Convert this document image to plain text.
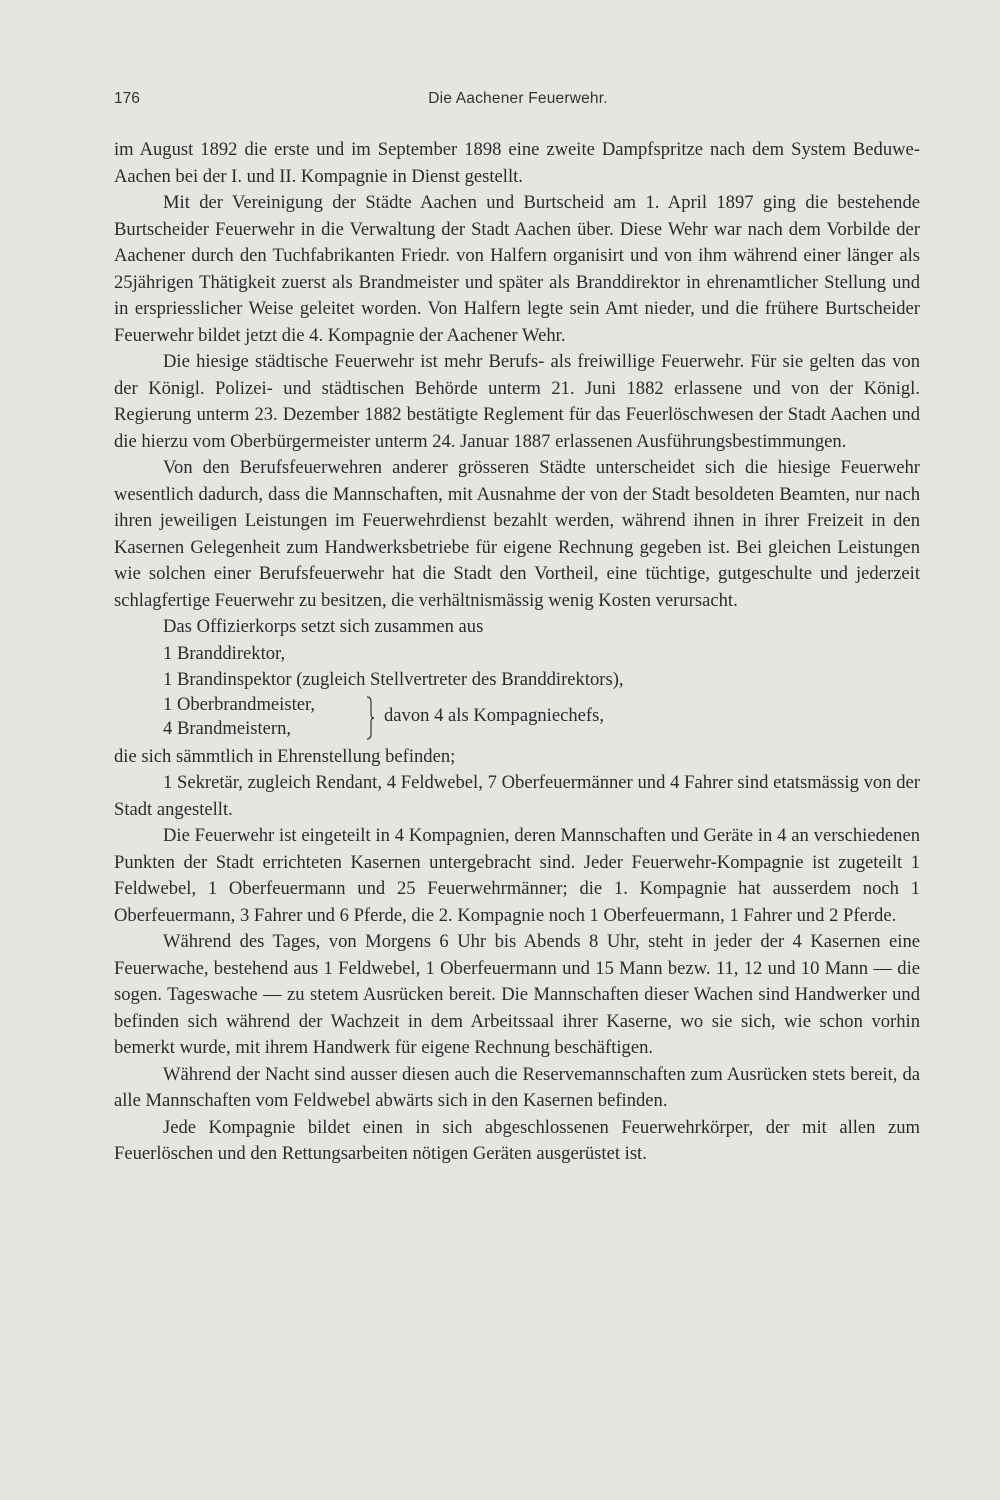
176	Die Aachener Feuerwehr.

im August 1892 die erste und im September 1898 eine zweite Dampfspritze nach dem System Beduwe-Aachen bei der I. und II. Kompagnie in Dienst gestellt.

Mit der Vereinigung der Städte Aachen und Burtscheid am 1. April 1897 ging die bestehende Burtscheider Feuerwehr in die Verwaltung der Stadt Aachen über. Diese Wehr war nach dem Vorbilde der Aachener durch den Tuchfabrikanten Friedr. von Halfern organisirt und von ihm während einer länger als 25jährigen Thätigkeit zuerst als Brandmeister und später als Branddirektor in ehrenamtlicher Stellung und in erspriesslicher Weise geleitet worden. Von Halfern legte sein Amt nieder, und die frühere Burtscheider Feuerwehr bildet jetzt die 4. Kompagnie der Aachener Wehr.

Die hiesige städtische Feuerwehr ist mehr Berufs- als freiwillige Feuerwehr. Für sie gelten das von der Königl. Polizei- und städtischen Behörde unterm 21. Juni 1882 erlassene und von der Königl. Regierung unterm 23. Dezember 1882 bestätigte Reglement für das Feuerlöschwesen der Stadt Aachen und die hierzu vom Oberbürgermeister unterm 24. Januar 1887 erlassenen Ausführungsbestimmungen.

Von den Berufsfeuerwehren anderer grösseren Städte unterscheidet sich die hiesige Feuerwehr wesentlich dadurch, dass die Mannschaften, mit Ausnahme der von der Stadt besoldeten Beamten, nur nach ihren jeweiligen Leistungen im Feuerwehrdienst bezahlt werden, während ihnen in ihrer Freizeit in den Kasernen Gelegenheit zum Handwerksbetriebe für eigene Rechnung gegeben ist. Bei gleichen Leistungen wie solchen einer Berufsfeuerwehr hat die Stadt den Vortheil, eine tüchtige, gutgeschulte und jederzeit schlagfertige Feuerwehr zu besitzen, die verhältnismässig wenig Kosten verursacht.

Das Offizierkorps setzt sich zusammen aus

1 Branddirektor,

1 Brandinspektor (zugleich Stellvertreter des Branddirektors),

1 Oberbrandmeister,
4 Brandmeistern,
davon 4 als Kompagniechefs,

die sich sämmtlich in Ehrenstellung befinden;

1 Sekretär, zugleich Rendant, 4 Feldwebel, 7 Oberfeuermänner und 4 Fahrer sind etatsmässig von der Stadt angestellt.

Die Feuerwehr ist eingeteilt in 4 Kompagnien, deren Mannschaften und Geräte in 4 an verschiedenen Punkten der Stadt errichteten Kasernen untergebracht sind. Jeder Feuerwehr-Kompagnie ist zugeteilt 1 Feldwebel, 1 Oberfeuermann und 25 Feuerwehrmänner; die 1. Kompagnie hat ausserdem noch 1 Oberfeuermann, 3 Fahrer und 6 Pferde, die 2. Kompagnie noch 1 Oberfeuermann, 1 Fahrer und 2 Pferde.

Während des Tages, von Morgens 6 Uhr bis Abends 8 Uhr, steht in jeder der 4 Kasernen eine Feuerwache, bestehend aus 1 Feldwebel, 1 Oberfeuermann und 15 Mann bezw. 11, 12 und 10 Mann — die sogen. Tageswache — zu stetem Ausrücken bereit. Die Mannschaften dieser Wachen sind Handwerker und befinden sich während der Wachzeit in dem Arbeitssaal ihrer Kaserne, wo sie sich, wie schon vorhin bemerkt wurde, mit ihrem Handwerk für eigene Rechnung beschäftigen.

Während der Nacht sind ausser diesen auch die Reservemannschaften zum Ausrücken stets bereit, da alle Mannschaften vom Feldwebel abwärts sich in den Kasernen befinden.

Jede Kompagnie bildet einen in sich abgeschlossenen Feuerwehrkörper, der mit allen zum Feuerlöschen und den Rettungsarbeiten nötigen Geräten ausgerüstet ist.
